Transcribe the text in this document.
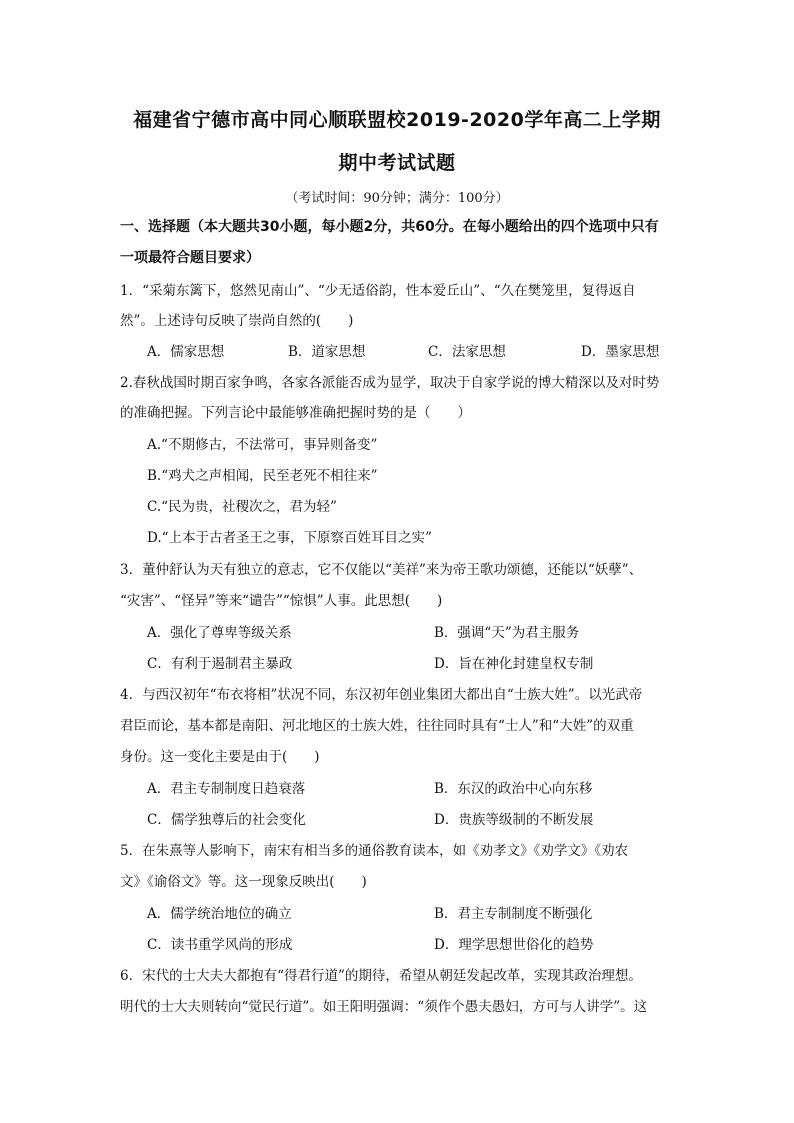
福建省宁德市高中同心顺联盟校2019-2020学年高二上学期
期中考试试题
（考试时间：90分钟；满分：100分）
一、选择题（本大题共30小题，每小题2分，共60分。在每小题给出的四个选项中只有
一项最符合题目要求）
1．“采菊东篱下，悠然见南山”、“少无适俗韵，性本爱丘山”、“久在樊笼里，复得返自
然”。上述诗句反映了崇尚自然的(　　)
A．儒家思想	B．道家思想	C．法家思想	D．墨家思想
2.春秋战国时期百家争鸣，各家各派能否成为显学，取决于自家学说的博大精深以及对时势
的准确把握。下列言论中最能够准确把握时势的是（　　）
A.“不期修古，不法常可，事异则备变”
B.“鸡犬之声相闻，民至老死不相往来”
C.“民为贵，社稷次之，君为轻”
D.“上本于古者圣王之事，下原察百姓耳目之实”
3．董仲舒认为天有独立的意志，它不仅能以“美祥”来为帝王歌功颂德，还能以“妖孽”、
“灾害”、“怪异”等来“谴告”“惊惧”人事。此思想(　　)
A．强化了尊卑等级关系	B．强调“天”为君主服务
C．有利于遏制君主暴政	D．旨在神化封建皇权专制
4．与西汉初年“布衣将相”状况不同，东汉初年创业集团大都出自“士族大姓”。以光武帝
君臣而论，基本都是南阳、河北地区的士族大姓，往往同时具有“士人”和“大姓”的双重
身份。这一变化主要是由于(　　)
A．君主专制制度日趋衰落	B．东汉的政治中心向东移
C．儒学独尊后的社会变化	D．贵族等级制的不断发展
5．在朱熹等人影响下，南宋有相当多的通俗教育读本，如《劝孝文》《劝学文》《劝农
文》《谕俗文》等。这一现象反映出(　　)
A．儒学统治地位的确立	B．君主专制制度不断强化
C．读书重学风尚的形成	D．理学思想世俗化的趋势
6．宋代的士大夫大都抱有“得君行道”的期待，希望从朝廷发起改革，实现其政治理想。
明代的士大夫则转向“觉民行道”。如王阳明强调：“须作个愚夫愚妇，方可与人讲学”。这
